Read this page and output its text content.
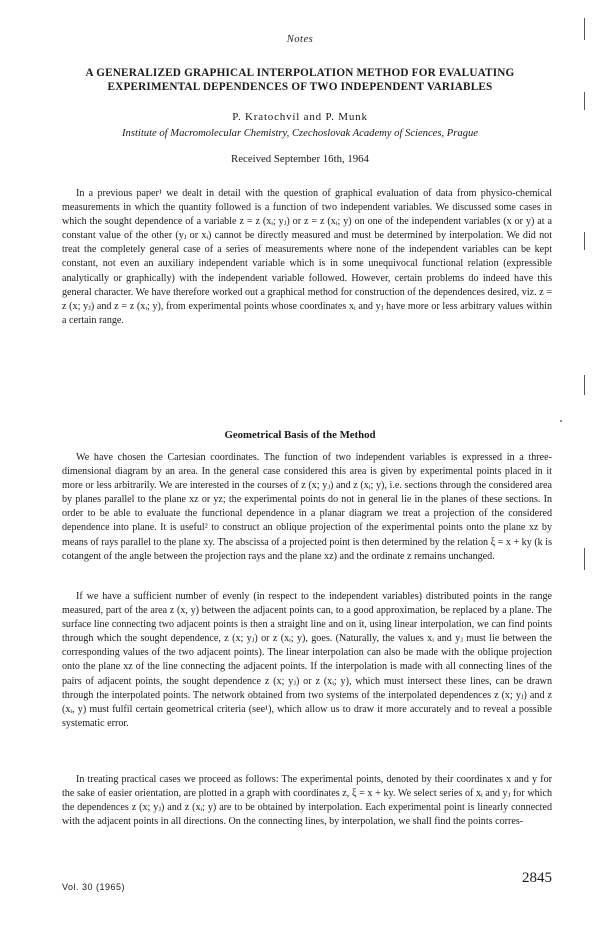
Notes
A GENERALIZED GRAPHICAL INTERPOLATION METHOD FOR EVALUATING EXPERIMENTAL DEPENDENCES OF TWO INDEPENDENT VARIABLES
P. Kratochvíl and P. Munk
Institute of Macromolecular Chemistry, Czechoslovak Academy of Sciences, Prague
Received September 16th, 1964

In a previous paper¹ we dealt in detail with the question of graphical evaluation of data from physico-chemical measurements in which the quantity followed is a function of two independent variables. We discussed some cases in which the sought dependence of a variable z = z (xᵢ; yⱼ) or z = z (xᵢ; y) on one of the independent variables (x or y) at a constant value of the other (yⱼ or xᵢ) cannot be directly measured and must be determined by interpolation. We did not treat the completely general case of a series of measurements where none of the independent variables can be kept constant, not even an auxiliary independent variable which is in some unequivocal functional relation (expressible analytically or graphically) with the independent variable followed. However, certain problems do indeed have this general character. We have therefore worked out a graphical method for construction of the dependences desired, viz. z = z (x; yⱼ) and z = z (xᵢ; y), from experimental points whose coordinates xᵢ and yⱼ have more or less arbitrary values within a certain range.

Geometrical Basis of the Method

We have chosen the Cartesian coordinates. The function of two independent variables is expressed in a three-dimensional diagram by an area. In the general case considered this area is given by experimental points placed in it more or less arbitrarily. We are interested in the courses of z (x; yⱼ) and z (xᵢ; y), i.e. sections through the considered area by planes parallel to the plane xz or yz; the experimental points do not in general lie in the planes of these sections. In order to be able to evaluate the functional dependence in a planar diagram we treat a projection of the considered dependence into plane. It is useful² to construct an oblique projection of the experimental points onto the plane xz by means of rays parallel to the plane xy. The abscissa of a projected point is then determined by the relation ξ = x + ky (k is cotangent of the angle between the projection rays and the plane xz) and the ordinate z remains unchanged.

If we have a sufficient number of evenly (in respect to the independent variables) distributed points in the range measured, part of the area z (x, y) between the adjacent points can, to a good approximation, be replaced by a plane. The surface line connecting two adjacent points is then a straight line and on it, using linear interpolation, we can find points through which the sought dependence, z (x; yⱼ) or z (xᵢ; y), goes. (Naturally, the values xᵢ and yⱼ must lie between the corresponding values of the two adjacent points). The linear interpolation can also be made with the oblique projection onto the plane xz of the line connecting the adjacent points. If the interpolation is made with all connecting lines of the pairs of adjacent points, the sought dependence z (x; yⱼ) or z (xᵢ; y), which must intersect these lines, can be drawn through the interpolated points. The network obtained from two systems of the interpolated dependences z (x; yⱼ) and z (xᵢ, y) must fulfil certain geometrical criteria (see¹), which allow us to draw it more accurately and to reveal a possible systematic error.

In treating practical cases we proceed as follows: The experimental points, denoted by their coordinates x and y for the sake of easier orientation, are plotted in a graph with coordinates z, ξ = x + ky. We select series of xᵢ and yⱼ for which the dependences z (x; yⱼ) and z (xᵢ; y) are to be obtained by interpolation. Each experimental point is linearly connected with the adjacent points in all directions. On the connecting lines, by interpolation, we shall find the points corres-

Vol. 30 (1965)
2845
